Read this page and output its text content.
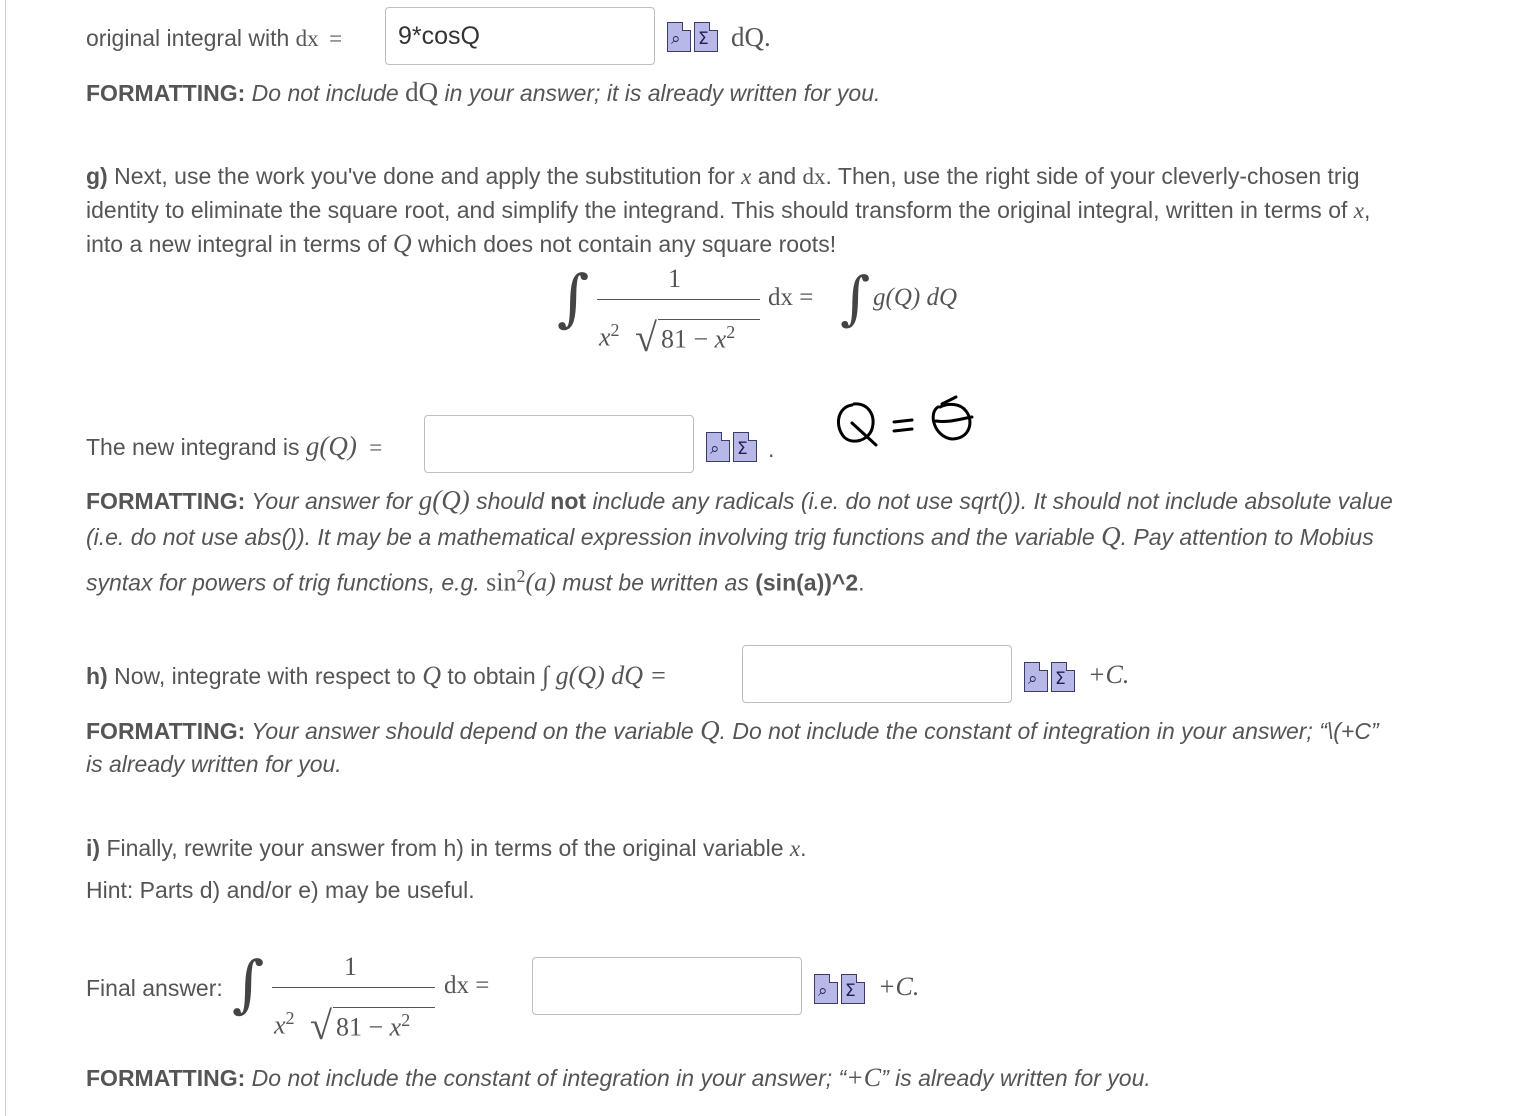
original integral with dx =
9*cosQ	⌕ Σ dQ.
FORMATTING: Do not include dQ in your answer; it is already written for you.
g) Next, use the work you've done and apply the substitution for x and dx. Then, use the right side of your cleverly-chosen trig
identity to eliminate the square root, and simplify the integrand. This should transform the original integral, written in terms of x,
into a new integral in terms of Q which does not contain any square roots!
∫	1
$x^2$ √ $81 - x^2$
dx = ∫ g(Q) dQ
The new integrand is g(Q) =	⌕ Σ .
FORMATTING: Your answer for g(Q) should not include any radicals (i.e. do not use sqrt()). It should not include absolute value
(i.e. do not use abs()). It may be a mathematical expression involving trig functions and the variable Q. Pay attention to Mobius
syntax for powers of trig functions, e.g. $\sin^2(a)$ must be written as (sin(a))^2.
h) Now, integrate with respect to Q to obtain ∫ g(Q) dQ =	⌕ Σ +C.
FORMATTING: Your answer should depend on the variable Q. Do not include the constant of integration in your answer; “\(+C”
is already written for you.
i) Finally, rewrite your answer from h) in terms of the original variable x.
Hint: Parts d) and/or e) may be useful.
Final answer: ∫	1
$x^2$ √ $81 - x^2$
dx =	⌕ Σ +C.
FORMATTING: Do not include the constant of integration in your answer; “+C” is already written for you.
